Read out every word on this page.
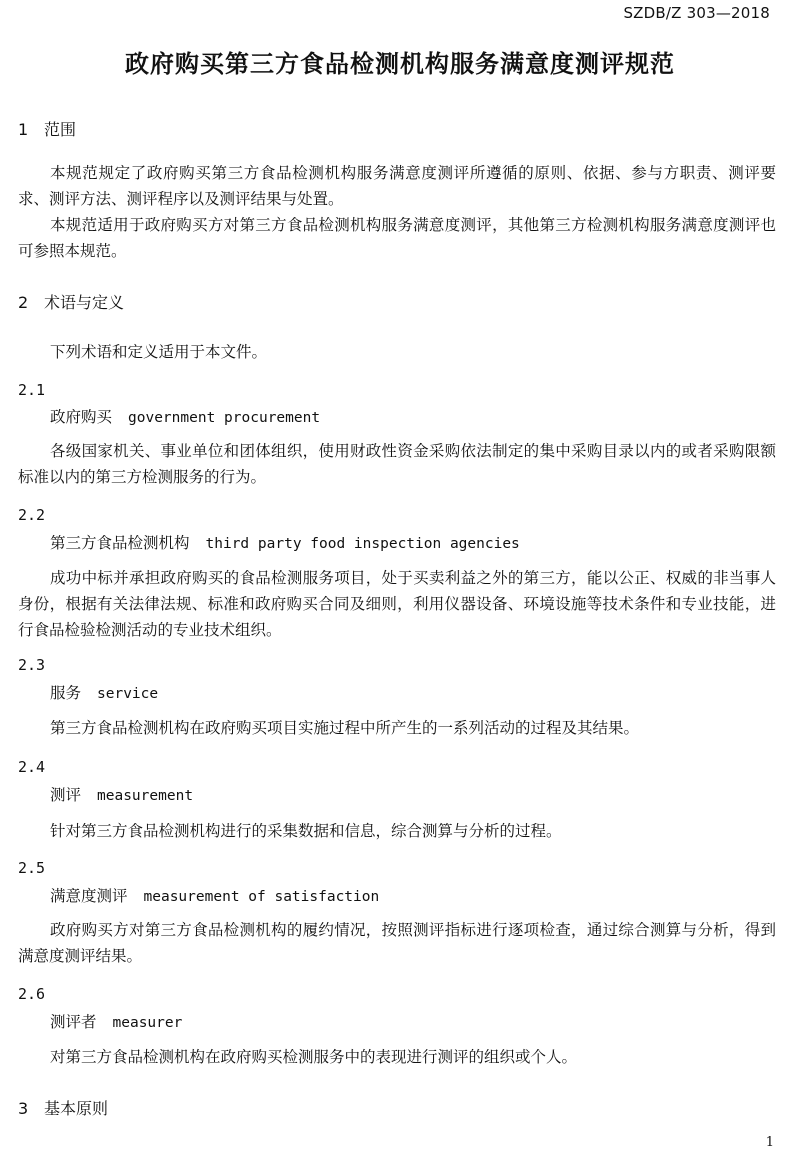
SZDB/Z 303—2018
政府购买第三方食品检测机构服务满意度测评规范
1 范围
本规范规定了政府购买第三方食品检测机构服务满意度测评所遵循的原则、依据、参与方职责、测评要求、测评方法、测评程序以及测评结果与处置。
本规范适用于政府购买方对第三方食品检测机构服务满意度测评，其他第三方检测机构服务满意度测评也可参照本规范。
2 术语与定义
下列术语和定义适用于本文件。
2.1
政府购买 government procurement
各级国家机关、事业单位和团体组织，使用财政性资金采购依法制定的集中采购目录以内的或者采购限额标准以内的第三方检测服务的行为。
2.2
第三方食品检测机构 third party food inspection agencies
成功中标并承担政府购买的食品检测服务项目，处于买卖利益之外的第三方，能以公正、权威的非当事人身份，根据有关法律法规、标准和政府购买合同及细则，利用仪器设备、环境设施等技术条件和专业技能，进行食品检验检测活动的专业技术组织。
2.3
服务 service
第三方食品检测机构在政府购买项目实施过程中所产生的一系列活动的过程及其结果。
2.4
测评 measurement
针对第三方食品检测机构进行的采集数据和信息，综合测算与分析的过程。
2.5
满意度测评 measurement of satisfaction
政府购买方对第三方食品检测机构的履约情况，按照测评指标进行逐项检查，通过综合测算与分析，得到满意度测评结果。
2.6
测评者 measurer
对第三方食品检测机构在政府购买检测服务中的表现进行测评的组织或个人。
3 基本原则
1
